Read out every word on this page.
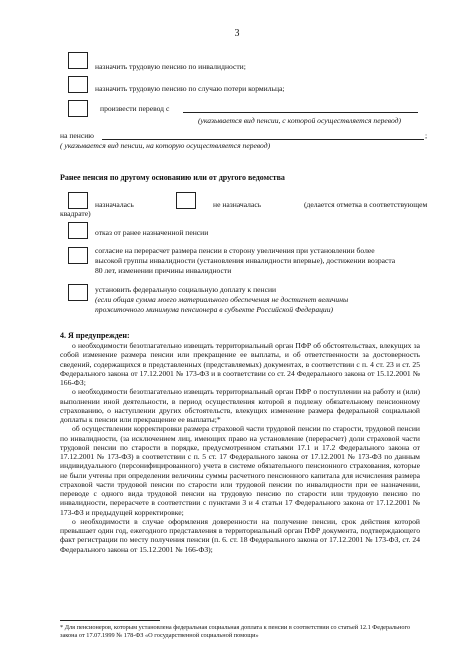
3
назначить трудовую пенсию по инвалидности;
назначить трудовую пенсию по случаю потери кормильца;
произвести перевод с
(указывается вид пенсии, с которой осуществляется перевод)
на пенсию	;
( указывается вид пенсии, на которую осуществляется перевод)
Ранее пенсия по другому основанию или от другого ведомства
назначалась	не назначалась	(делается отметка в соответствующем
квадрате)
отказ от ранее назначенной пенсии
согласие на перерасчет размера пенсии в сторону увеличения при установлении более
высокой группы инвалидности (установления инвалидности впервые), достижении возраста
80 лет, изменении причины инвалидности
установить федеральную социальную доплату к пенсии
(если общая сумма моего материального обеспечения не достигнет величины
прожиточного минимума пенсионера в субъекте Российской Федерации)
4. Я предупрежден:

о необходимости безотлагательно извещать территориальный орган ПФР об обстоятельствах, влекущих за собой изменение размера пенсии или прекращение ее выплаты, и об ответственности за достоверность сведений, содержащихся в представленных (представляемых) документах, в соответствии с п. 4 ст. 23 и ст. 25 Федерального закона от 17.12.2001 № 173-ФЗ и в соответствии со ст. 24 Федерального закона от 15.12.2001 № 166-ФЗ;

о необходимости безотлагательно извещать территориальный орган ПФР о поступлении на работу и (или) выполнении иной деятельности, в период осуществления которой я подлежу обязательному пенсионному страхованию, о наступлении других обстоятельств, влекущих изменение размера федеральной социальной доплаты к пенсии или прекращение ее выплаты;*

об осуществлении корректировки размера страховой части трудовой пенсии по старости, трудовой пенсии по инвалидности, (за исключением лиц, имеющих право на установление (перерасчет) доли страховой части трудовой пенсии по старости в порядке, предусмотренном статьями 17.1 и 17.2 Федерального закона от 17.12.2001 № 173-ФЗ) в соответствии с п. 5 ст. 17 Федерального закона от 17.12.2001 № 173-ФЗ по данным индивидуального (персонифицированного) учета в системе обязательного пенсионного страхования, которые не были учтены при определении величины суммы расчетного пенсионного капитала для исчисления размера страховой части трудовой пенсии по старости или трудовой пенсии по инвалидности при ее назначении, переводе с одного вида трудовой пенсии на трудовую пенсию по старости или трудовую пенсию по инвалидности, перерасчете в соответствии с пунктами 3 и 4 статьи 17 Федерального закона от 17.12.2001 № 173-ФЗ и предыдущей корректировке;

о необходимости в случае оформления доверенности на получение пенсии, срок действия которой превышает один год, ежегодного представления в территориальный орган ПФР документа, подтверждающего факт регистрации по месту получения пенсии (п. 6. ст. 18 Федерального закона от 17.12.2001 № 173-ФЗ, ст. 24 Федерального закона от 15.12.2001 № 166-ФЗ);

* Для пенсионеров, которым установлена федеральная социальная доплата к пенсии в соответствии со статьей 12.1 Федерального закона от 17.07.1999 № 178-ФЗ «О государственной социальной помощи»
